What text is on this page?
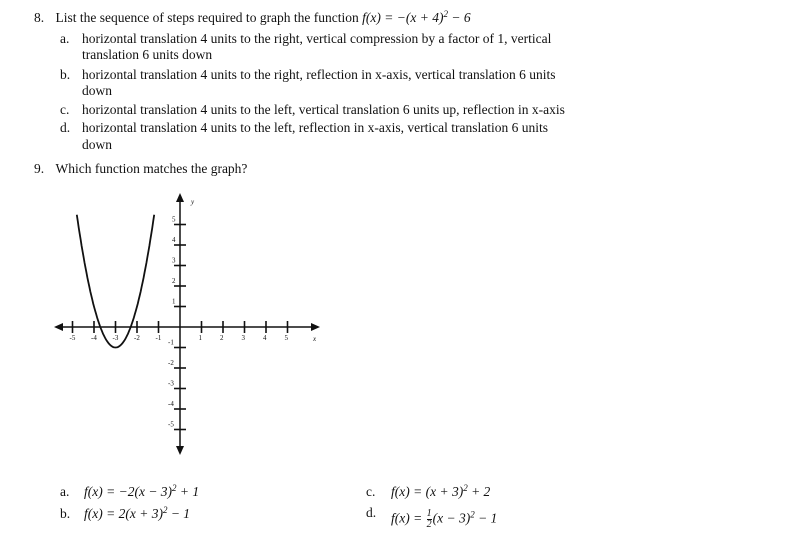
8. List the sequence of steps required to graph the function $f(x) = -(x + 4)^2 - 6$
a. horizontal translation 4 units to the right, vertical compression by a factor of 1, vertical
translation 6 units down
b. horizontal translation 4 units to the right, reflection in x-axis, vertical translation 6 units
down
c. horizontal translation 4 units to the left, vertical translation 6 units up, reflection in x-axis
d. horizontal translation 4 units to the left, reflection in x-axis, vertical translation 6 units
down
9. Which function matches the graph?
-5 -4 -3 -2 -1	1	2	3	4	5
1
2
3
4
5
-1
-2
-3
-4
-5
x
y
a. $f(x) = -2(x - 3)^2 + 1$
b. $f(x) = 2(x + 3)^2 - 1$
c. $f(x) = (x + 3)^2 + 2$
d. $f(x) = \frac{1}{2} (x - 3)^2 - 1$
